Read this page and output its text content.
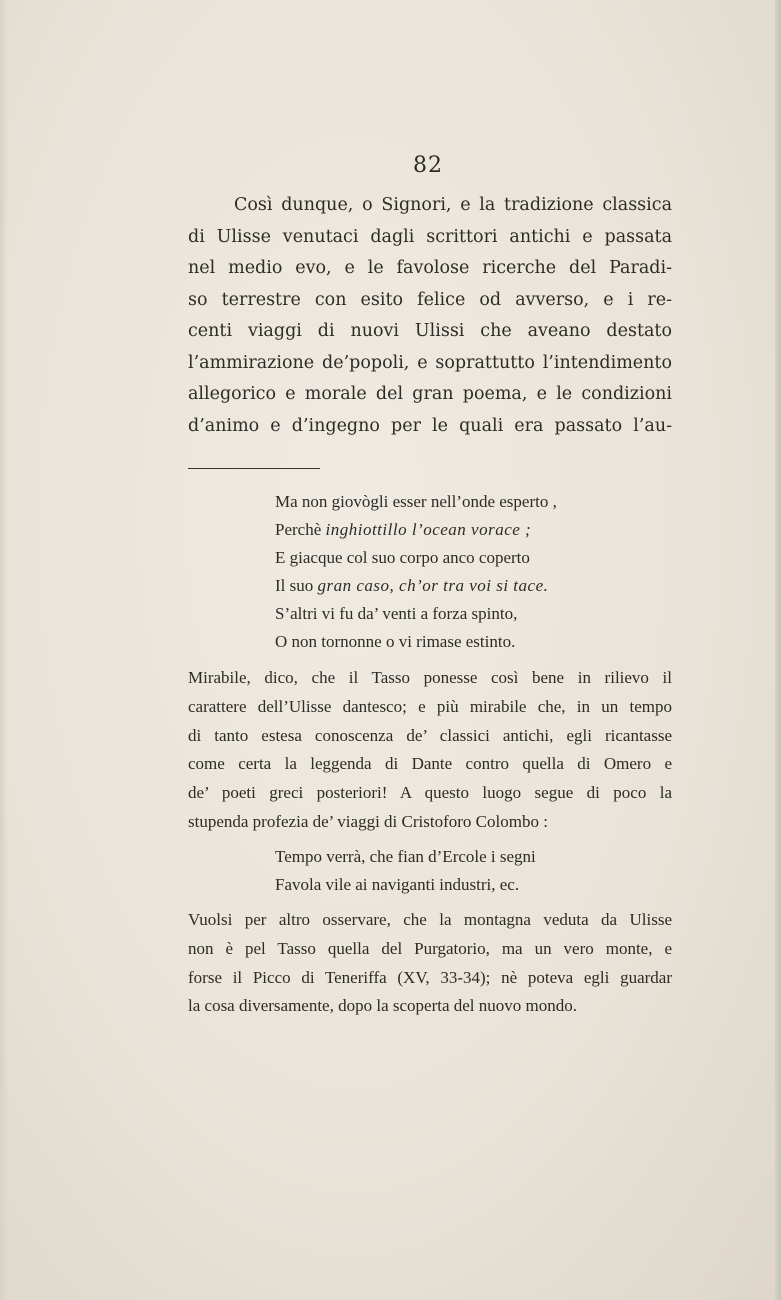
82
Così dunque, o Signori, e la tradizione classica
di Ulisse venutaci dagli scrittori antichi e passata
nel medio evo, e le favolose ricerche del Paradi-
so terrestre con esito felice od avverso, e i re-
centi viaggi di nuovi Ulissi che aveano destato
l’ammirazione de’popoli, e soprattutto l’intendimento
allegorico e morale del gran poema, e le condizioni
d’animo e d’ingegno per le quali era passato l’au-
Ma non giovògli esser nell’onde esperto ,
Perchè inghiottillo l’ocean vorace ;
E giacque col suo corpo anco coperto
Il suo gran caso, ch’or tra voi si tace.
S’altri vi fu da’ venti a forza spinto,
O non tornonne o vi rimase estinto.
Mirabile, dico, che il Tasso ponesse così bene in rilievo il
carattere dell’Ulisse dantesco; e più mirabile che, in un tempo
di tanto estesa conoscenza de’ classici antichi, egli ricantasse
come certa la leggenda di Dante contro quella di Omero e
de’ poeti greci posteriori! A questo luogo segue di poco la
stupenda profezia de’ viaggi di Cristoforo Colombo :
Tempo verrà, che fian d’Ercole i segni
Favola vile ai naviganti industri, ec.
Vuolsi per altro osservare, che la montagna veduta da Ulisse
non è pel Tasso quella del Purgatorio, ma un vero monte, e
forse il Picco di Teneriffa (XV, 33-34); nè poteva egli guardar
la cosa diversamente, dopo la scoperta del nuovo mondo.
